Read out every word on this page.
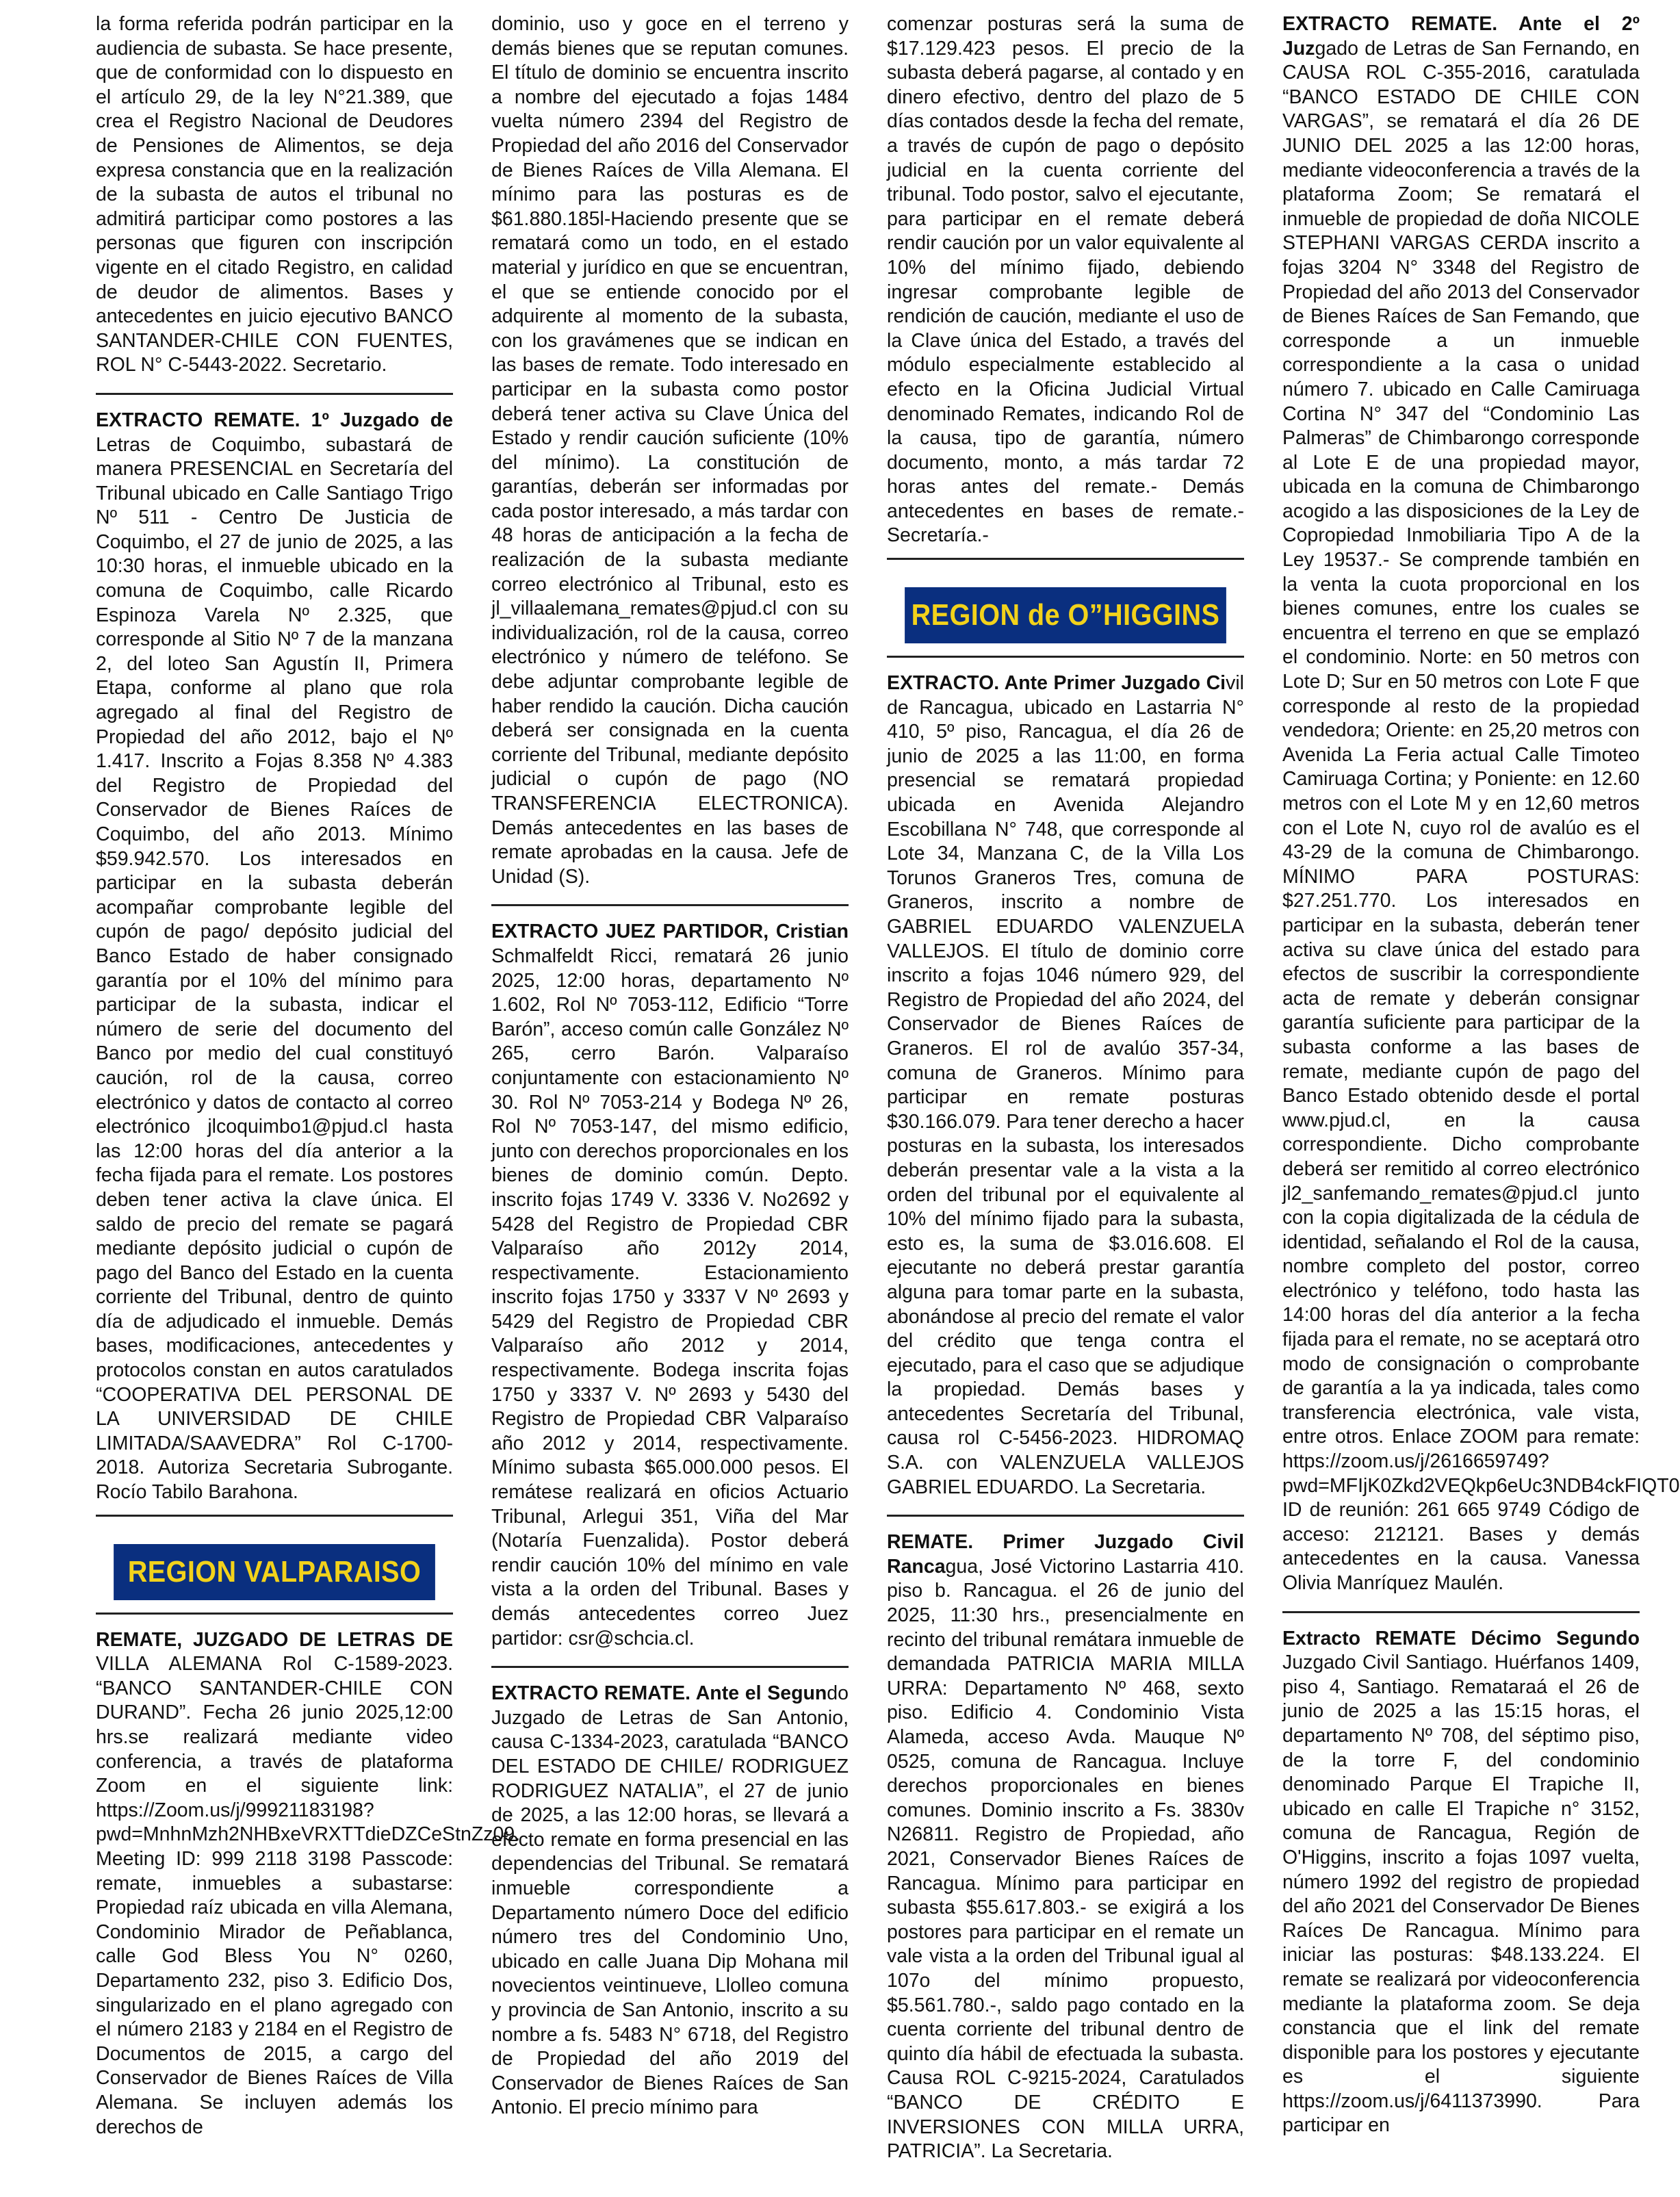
la forma referida podrán participar en la audiencia de subasta. Se hace presente, que de conformidad con lo dispuesto en el artículo 29, de la ley N°21.389, que crea el Registro Nacional de Deudores de Pensiones de Alimentos, se deja expresa constancia que en la realización de la subasta de autos el tribunal no admitirá participar como postores a las personas que figuren con inscripción vigente en el citado Registro, en calidad de deudor de alimentos. Bases y antecedentes en juicio ejecutivo BANCO SANTANDER-CHILE CON FUENTES, ROL N° C-5443-2022. Secretario.

EXTRACTO REMATE. 1º Juzgado de Letras de Coquimbo, subastará de manera PRESENCIAL en Secretaría del Tribunal ubicado en Calle Santiago Trigo Nº 511 - Centro De Justicia de Coquimbo, el 27 de junio de 2025, a las 10:30 horas, el inmueble ubicado en la comuna de Coquimbo, calle Ricardo Espinoza Varela Nº 2.325, que corresponde al Sitio Nº 7 de la manzana 2, del loteo San Agustín II, Primera Etapa, conforme al plano que rola agregado al final del Registro de Propiedad del año 2012, bajo el Nº 1.417. Inscrito a Fojas 8.358 Nº 4.383 del Registro de Propiedad del Conservador de Bienes Raíces de Coquimbo, del año 2013. Mínimo $59.942.570. Los interesados en participar en la subasta deberán acompañar comprobante legible del cupón de pago/ depósito judicial del Banco Estado de haber consignado garantía por el 10% del mínimo para participar de la subasta, indicar el número de serie del documento del Banco por medio del cual constituyó caución, rol de la causa, correo electrónico y datos de contacto al correo electrónico jlcoquimbo1@pjud.cl hasta las 12:00 horas del día anterior a la fecha fijada para el remate. Los postores deben tener activa la clave única. El saldo de precio del remate se pagará mediante depósito judicial o cupón de pago del Banco del Estado en la cuenta corriente del Tribunal, dentro de quinto día de adjudicado el inmueble. Demás bases, modificaciones, antecedentes y protocolos constan en autos caratulados “COOPERATIVA DEL PERSONAL DE LA UNIVERSIDAD DE CHILE LIMITADA/SAAVEDRA” Rol C-1700-2018. Autoriza Secretaria Subrogante. Rocío Tabilo Barahona.

REGION VALPARAISO

REMATE, JUZGADO DE LETRAS DE VILLA ALEMANA Rol C-1589-2023. “BANCO SANTANDER-CHILE CON DURAND”. Fecha 26 junio 2025,12:00 hrs.se realizará mediante video conferencia, a través de plataforma Zoom en el siguiente link: https://Zoom.us/j/99921183198?pwd=MnhnMzh2NHBxeVRXTTdieDZCeStnZz09. Meeting ID: 999 2118 3198 Passcode: remate, inmuebles a subastarse: Propiedad raíz ubicada en villa Alemana, Condominio Mirador de Peñablanca, calle God Bless You N° 0260, Departamento 232, piso 3. Edificio Dos, singularizado en el plano agregado con el número 2183 y 2184 en el Registro de Documentos de 2015, a cargo del Conservador de Bienes Raíces de Villa Alemana. Se incluyen además los derechos de

dominio, uso y goce en el terreno y demás bienes que se reputan comunes. El título de dominio se encuentra inscrito a nombre del ejecutado a fojas 1484 vuelta número 2394 del Registro de Propiedad del año 2016 del Conservador de Bienes Raíces de Villa Alemana. El mínimo para las posturas es de $61.880.185l-Haciendo presente que se rematará como un todo, en el estado material y jurídico en que se encuentran, el que se entiende conocido por el adquirente al momento de la subasta, con los gravámenes que se indican en las bases de remate. Todo interesado en participar en la subasta como postor deberá tener activa su Clave Única del Estado y rendir caución suficiente (10% del mínimo). La constitución de garantías, deberán ser informadas por cada postor interesado, a más tardar con 48 horas de anticipación a la fecha de realización de la subasta mediante correo electrónico al Tribunal, esto es jl_villaalemana_remates@pjud.cl con su individualización, rol de la causa, correo electrónico y número de teléfono. Se debe adjuntar comprobante legible de haber rendido la caución. Dicha caución deberá ser consignada en la cuenta corriente del Tribunal, mediante depósito judicial o cupón de pago (NO TRANSFERENCIA ELECTRONICA). Demás antecedentes en las bases de remate aprobadas en la causa. Jefe de Unidad (S).

EXTRACTO JUEZ PARTIDOR, Cristian Schmalfeldt Ricci, rematará 26 junio 2025, 12:00 horas, departamento Nº 1.602, Rol Nº 7053-112, Edificio “Torre Barón”, acceso común calle González Nº 265, cerro Barón. Valparaíso conjuntamente con estacionamiento Nº 30. Rol Nº 7053-214 y Bodega Nº 26, Rol Nº 7053-147, del mismo edificio, junto con derechos proporcionales en los bienes de dominio común. Depto. inscrito fojas 1749 V. 3336 V. No2692 y 5428 del Registro de Propiedad CBR Valparaíso año 2012y 2014, respectivamente. Estacionamiento inscrito fojas 1750 y 3337 V Nº 2693 y 5429 del Registro de Propiedad CBR Valparaíso año 2012 y 2014, respectivamente. Bodega inscrita fojas 1750 y 3337 V. Nº 2693 y 5430 del Registro de Propiedad CBR Valparaíso año 2012 y 2014, respectivamente. Mínimo subasta $65.000.000 pesos. El remátese realizará en oficios Actuario Tribunal, Arlegui 351, Viña del Mar (Notaría Fuenzalida). Postor deberá rendir caución 10% del mínimo en vale vista a la orden del Tribunal. Bases y demás antecedentes correo Juez partidor: csr@schcia.cl.

EXTRACTO REMATE. Ante el Segundo Juzgado de Letras de San Antonio, causa C-1334-2023, caratulada “BANCO DEL ESTADO DE CHILE/ RODRIGUEZ RODRIGUEZ NATALIA”, el 27 de junio de 2025, a las 12:00 horas, se llevará a efecto remate en forma presencial en las dependencias del Tribunal. Se rematará inmueble correspondiente a Departamento número Doce del edificio número tres del Condominio Uno, ubicado en calle Juana Dip Mohana mil novecientos veintinueve, Llolleo comuna y provincia de San Antonio, inscrito a su nombre a fs. 5483 N° 6718, del Registro de Propiedad del año 2019 del Conservador de Bienes Raíces de San Antonio. El precio mínimo para

comenzar posturas será la suma de $17.129.423 pesos. El precio de la subasta deberá pagarse, al contado y en dinero efectivo, dentro del plazo de 5 días contados desde la fecha del remate, a través de cupón de pago o depósito judicial en la cuenta corriente del tribunal. Todo postor, salvo el ejecutante, para participar en el remate deberá rendir caución por un valor equivalente al 10% del mínimo fijado, debiendo ingresar comprobante legible de rendición de caución, mediante el uso de la Clave única del Estado, a través del módulo especialmente establecido al efecto en la Oficina Judicial Virtual denominado Remates, indicando Rol de la causa, tipo de garantía, número documento, monto, a más tardar 72 horas antes del remate.- Demás antecedentes en bases de remate.- Secretaría.-

REGION de O”HIGGINS

EXTRACTO. Ante Primer Juzgado Civil de Rancagua, ubicado en Lastarria N° 410, 5º piso, Rancagua, el día 26 de junio de 2025 a las 11:00, en forma presencial se rematará propiedad ubicada en Avenida Alejandro Escobillana N° 748, que corresponde al Lote 34, Manzana C, de la Villa Los Torunos Graneros Tres, comuna de Graneros, inscrito a nombre de GABRIEL EDUARDO VALENZUELA VALLEJOS. El título de dominio corre inscrito a fojas 1046 número 929, del Registro de Propiedad del año 2024, del Conservador de Bienes Raíces de Graneros. El rol de avalúo 357-34, comuna de Graneros. Mínimo para participar en remate posturas $30.166.079. Para tener derecho a hacer posturas en la subasta, los interesados deberán presentar vale a la vista a la orden del tribunal por el equivalente al 10% del mínimo fijado para la subasta, esto es, la suma de $3.016.608. El ejecutante no deberá prestar garantía alguna para tomar parte en la subasta, abonándose al precio del remate el valor del crédito que tenga contra el ejecutado, para el caso que se adjudique la propiedad. Demás bases y antecedentes Secretaría del Tribunal, causa rol C-5456-2023. HIDROMAQ S.A. con VALENZUELA VALLEJOS GABRIEL EDUARDO. La Secretaria.

REMATE. Primer Juzgado Civil Rancagua, José Victorino Lastarria 410. piso b. Rancagua. el 26 de junio del 2025, 11:30 hrs., presencialmente en recinto del tribunal remátara inmueble de demandada PATRICIA MARIA MILLA URRA: Departamento Nº 468, sexto piso. Edificio 4. Condominio Vista Alameda, acceso Avda. Mauque Nº 0525, comuna de Rancagua. Incluye derechos proporcionales en bienes comunes. Dominio inscrito a Fs. 3830v N26811. Registro de Propiedad, año 2021, Conservador Bienes Raíces de Rancagua. Mínimo para participar en subasta $55.617.803.- se exigirá a los postores para participar en el remate un vale vista a la orden del Tribunal igual al 107o del mínimo propuesto, $5.561.780.-, saldo pago contado en la cuenta corriente del tribunal dentro de quinto día hábil de efectuada la subasta. Causa ROL C-9215-2024, Caratulados “BANCO DE CRÉDITO E INVERSIONES CON MILLA URRA, PATRICIA”. La Secretaria.

EXTRACTO REMATE. Ante el 2º Juzgado de Letras de San Fernando, en CAUSA ROL C-355-2016, caratulada “BANCO ESTADO DE CHILE CON VARGAS”, se rematará el día 26 DE JUNIO DEL 2025 a las 12:00 horas, mediante videoconferencia a través de la plataforma Zoom; Se rematará el inmueble de propiedad de doña NICOLE STEPHANI VARGAS CERDA inscrito a fojas 3204 N° 3348 del Registro de Propiedad del año 2013 del Conservador de Bienes Raíces de San Femando, que corresponde a un inmueble correspondiente a la casa o unidad número 7. ubicado en Calle Camiruaga Cortina N° 347 del “Condominio Las Palmeras” de Chimbarongo corresponde al Lote E de una propiedad mayor, ubicada en la comuna de Chimbarongo acogido a las disposiciones de la Ley de Copropiedad Inmobiliaria Tipo A de la Ley 19537.- Se comprende también en la venta la cuota proporcional en los bienes comunes, entre los cuales se encuentra el terreno en que se emplazó el condominio. Norte: en 50 metros con Lote D; Sur en 50 metros con Lote F que corresponde al resto de la propiedad vendedora; Oriente: en 25,20 metros con Avenida La Feria actual Calle Timoteo Camiruaga Cortina; y Poniente: en 12.60 metros con el Lote M y en 12,60 metros con el Lote N, cuyo rol de avalúo es el 43-29 de la comuna de Chimbarongo. MÍNIMO PARA POSTURAS: $27.251.770. Los interesados en participar en la subasta, deberán tener activa su clave única del estado para efectos de suscribir la correspondiente acta de remate y deberán consignar garantía suficiente para participar de la subasta conforme a las bases de remate, mediante cupón de pago del Banco Estado obtenido desde el portal www.pjud.cl, en la causa correspondiente. Dicho comprobante deberá ser remitido al correo electrónico jl2_sanfemando_remates@pjud.cl junto con la copia digitalizada de la cédula de identidad, señalando el Rol de la causa, nombre completo del postor, correo electrónico y teléfono, todo hasta las 14:00 horas del día anterior a la fecha fijada para el remate, no se aceptará otro modo de consignación o comprobante de garantía a la ya indicada, tales como transferencia electrónica, vale vista, entre otros. Enlace ZOOM para remate: https://zoom.us/j/2616659749?pwd=MFIjK0Zkd2VEQkp6eUc3NDB4ckFIQT0 ID de reunión: 261 665 9749 Código de acceso: 212121. Bases y demás antecedentes en la causa. Vanessa Olivia Manríquez Maulén.

Extracto REMATE Décimo Segundo Juzgado Civil Santiago. Huérfanos 1409, piso 4, Santiago. Remataraá el 26 de junio de 2025 a las 15:15 horas, el departamento Nº 708, del séptimo piso, de la torre F, del condominio denominado Parque El Trapiche II, ubicado en calle El Trapiche n° 3152, comuna de Rancagua, Región de O'Higgins, inscrito a fojas 1097 vuelta, número 1992 del registro de propiedad del año 2021 del Conservador De Bienes Raíces De Rancagua. Mínimo para iniciar las posturas: $48.133.224. El remate se realizará por videoconferencia mediante la plataforma zoom. Se deja constancia que el link del remate disponible para los postores y ejecutante es el siguiente https://zoom.us/j/6411373990. Para participar en
